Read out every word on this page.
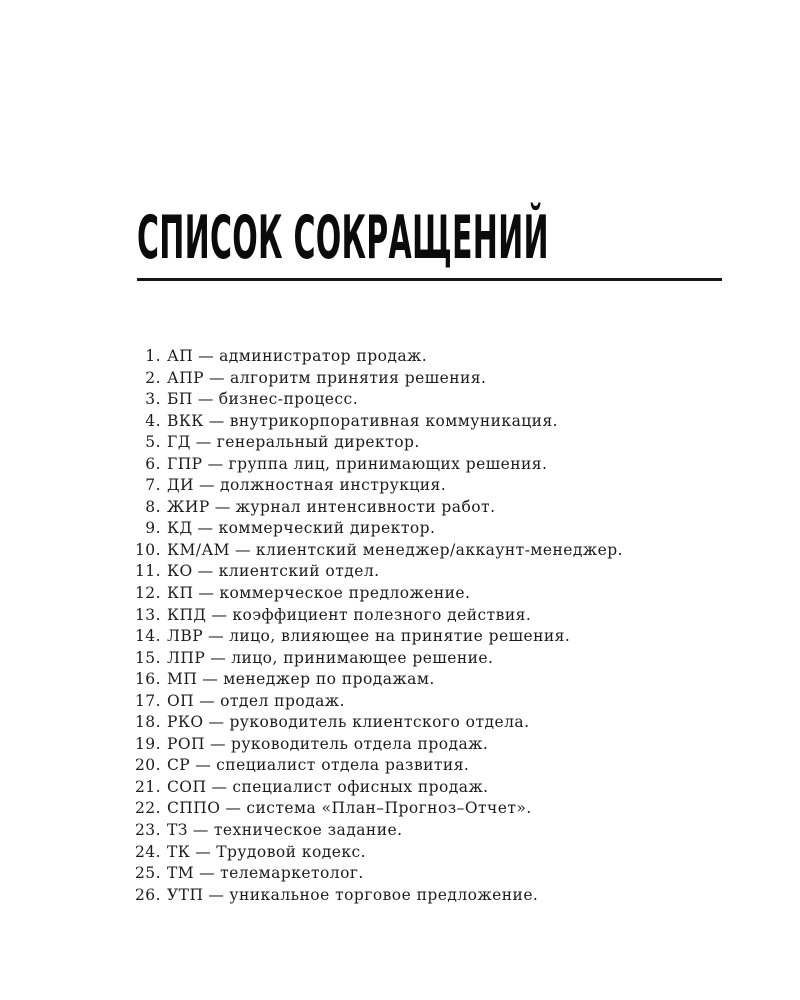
СПИСОК СОКРАЩЕНИЙ
1. АП — администратор продаж.
2. АПР — алгоритм принятия решения.
3. БП — бизнес-процесс.
4. ВКК — внутрикорпоративная коммуникация.
5. ГД — генеральный директор.
6. ГПР — группа лиц, принимающих решения.
7. ДИ — должностная инструкция.
8. ЖИР — журнал интенсивности работ.
9. КД — коммерческий директор.
10. КМ/АМ — клиентский менеджер/аккаунт-менеджер.
11. КО — клиентский отдел.
12. КП — коммерческое предложение.
13. КПД — коэффициент полезного действия.
14. ЛВР — лицо, влияющее на принятие решения.
15. ЛПР — лицо, принимающее решение.
16. МП — менеджер по продажам.
17. ОП — отдел продаж.
18. РКО — руководитель клиентского отдела.
19. РОП — руководитель отдела продаж.
20. СР — специалист отдела развития.
21. СОП — специалист офисных продаж.
22. СППО — система «План–Прогноз–Отчет».
23. ТЗ — техническое задание.
24. ТК — Трудовой кодекс.
25. ТМ — телемаркетолог.
26. УТП — уникальное торговое предложение.
